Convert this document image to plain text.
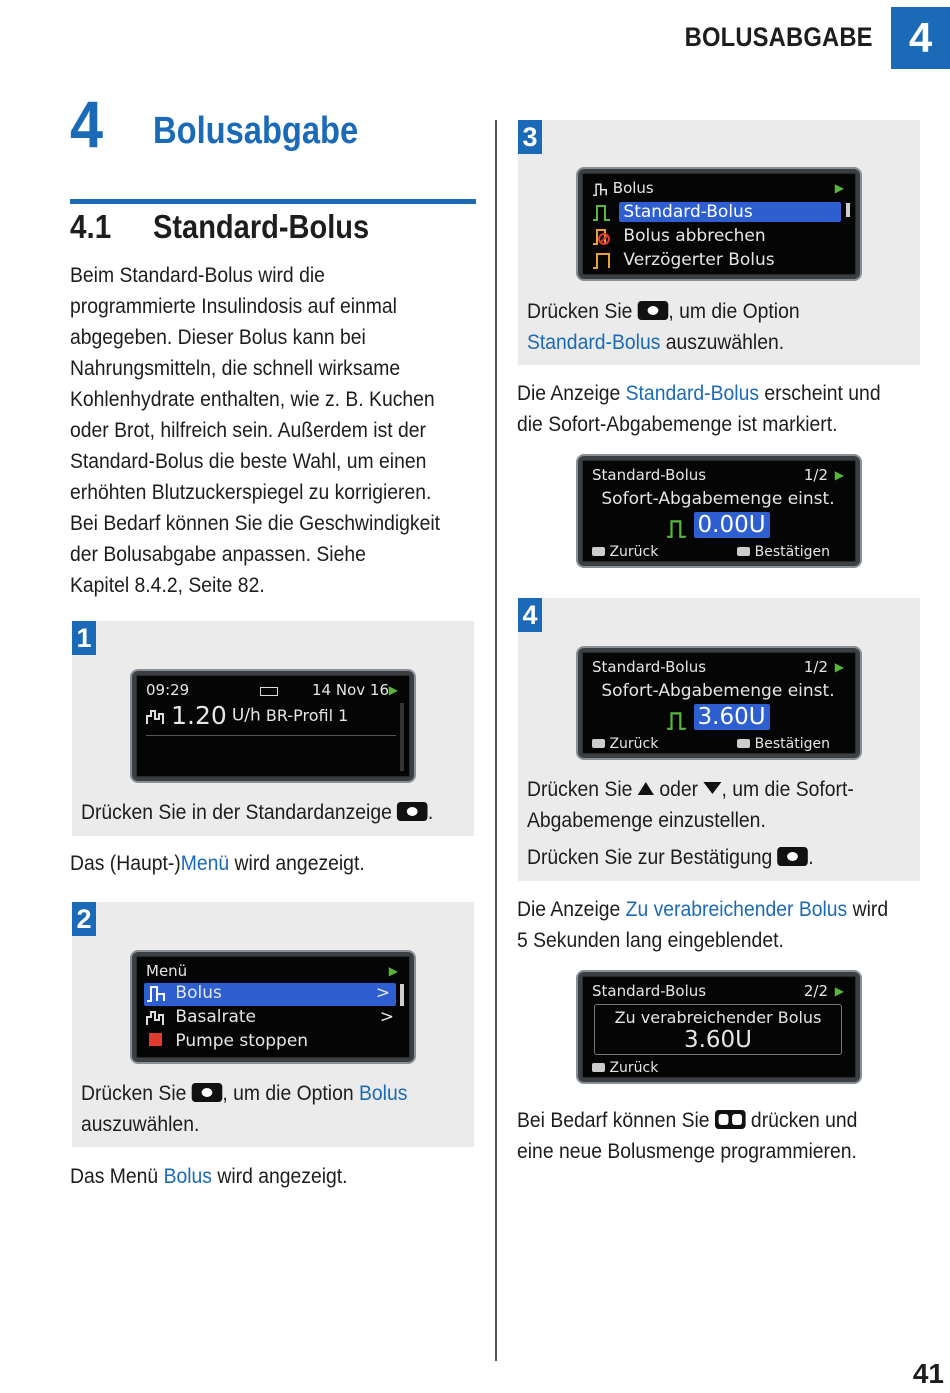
BOLUSABGABE 4
4 Bolusabgabe
4.1 Standard-Bolus
Beim Standard-Bolus wird die
programmierte Insulindosis auf einmal
abgegeben. Dieser Bolus kann bei
Nahrungsmitteln, die schnell wirksame
Kohlenhydrate enthalten, wie z. B. Kuchen
oder Brot, hilfreich sein. Außerdem ist der
Standard-Bolus die beste Wahl, um einen
erhöhten Blutzuckerspiegel zu korrigieren.
Bei Bedarf können Sie die Geschwindigkeit
der Bolusabgabe anpassen. Siehe
Kapitel 8.4.2, Seite 82.
1
09:29	14 Nov 16 ▶
1.20 U/h BR-Profil 1
Drücken Sie in der Standardanzeige .
Das (Haupt-)Menü wird angezeigt.
2
Menü	▶
Bolus	>
Basalrate	>
Pumpe stoppen
Drücken Sie , um die Option Bolus
auszuwählen.
Das Menü Bolus wird angezeigt.
3
Bolus	▶
Standard-Bolus
Bolus abbrechen
Verzögerter Bolus
Drücken Sie , um die Option
Standard-Bolus auszuwählen.
Die Anzeige Standard-Bolus erscheint und
die Sofort-Abgabemenge ist markiert.
Standard-Bolus	1/2 ▶
Sofort-Abgabemenge einst.
0.00U
Zurück	Bestätigen
4
Standard-Bolus	1/2 ▶
Sofort-Abgabemenge einst.
3.60U
Zurück	Bestätigen
Drücken Sie oder , um die Sofort-
Abgabemenge einzustellen.
Drücken Sie zur Bestätigung .
Die Anzeige Zu verabreichender Bolus wird
5 Sekunden lang eingeblendet.
Standard-Bolus	2/2 ▶
Zu verabreichender Bolus
3.60U
Zurück
Bei Bedarf können Sie drücken und
eine neue Bolusmenge programmieren.
41
